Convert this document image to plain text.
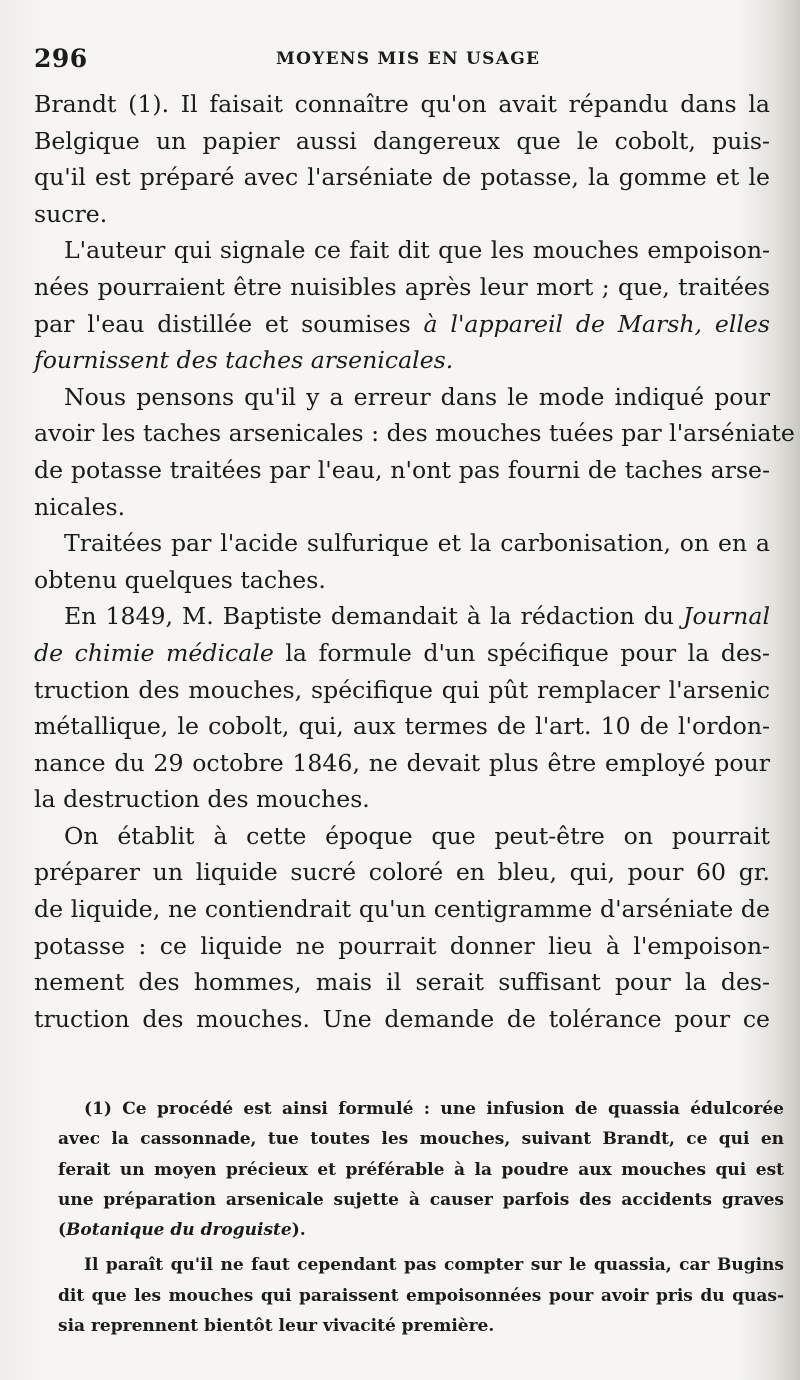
296	MOYENS MIS EN USAGE
Brandt (1). Il faisait connaître qu'on avait répandu dans la
Belgique un papier aussi dangereux que le cobolt, puis-
qu'il est préparé avec l'arséniate de potasse, la gomme et le
sucre.
L'auteur qui signale ce fait dit que les mouches empoison-
nées pourraient être nuisibles après leur mort ; que, traitées
par l'eau distillée et soumises à l'appareil de Marsh, elles
fournissent des taches arsenicales.
Nous pensons qu'il y a erreur dans le mode indiqué pour
avoir les taches arsenicales : des mouches tuées par l'arséniate
de potasse traitées par l'eau, n'ont pas fourni de taches arse-
nicales.
Traitées par l'acide sulfurique et la carbonisation, on en a
obtenu quelques taches.
En 1849, M. Baptiste demandait à la rédaction du Journal
de chimie médicale la formule d'un spécifique pour la des-
truction des mouches, spécifique qui pût remplacer l'arsenic
métallique, le cobolt, qui, aux termes de l'art. 10 de l'ordon-
nance du 29 octobre 1846, ne devait plus être employé pour
la destruction des mouches.
On établit à cette époque que peut-être on pourrait
préparer un liquide sucré coloré en bleu, qui, pour 60 gr.
de liquide, ne contiendrait qu'un centigramme d'arséniate de
potasse : ce liquide ne pourrait donner lieu à l'empoison-
nement des hommes, mais il serait suffisant pour la des-
truction des mouches. Une demande de tolérance pour ce
(1) Ce procédé est ainsi formulé : une infusion de quassia édulcorée
avec la cassonnade, tue toutes les mouches, suivant Brandt, ce qui en
ferait un moyen précieux et préférable à la poudre aux mouches qui est
une préparation arsenicale sujette à causer parfois des accidents graves
(Botanique du droguiste).
Il paraît qu'il ne faut cependant pas compter sur le quassia, car Bugins
dit que les mouches qui paraissent empoisonnées pour avoir pris du quas-
sia reprennent bientôt leur vivacité première.
